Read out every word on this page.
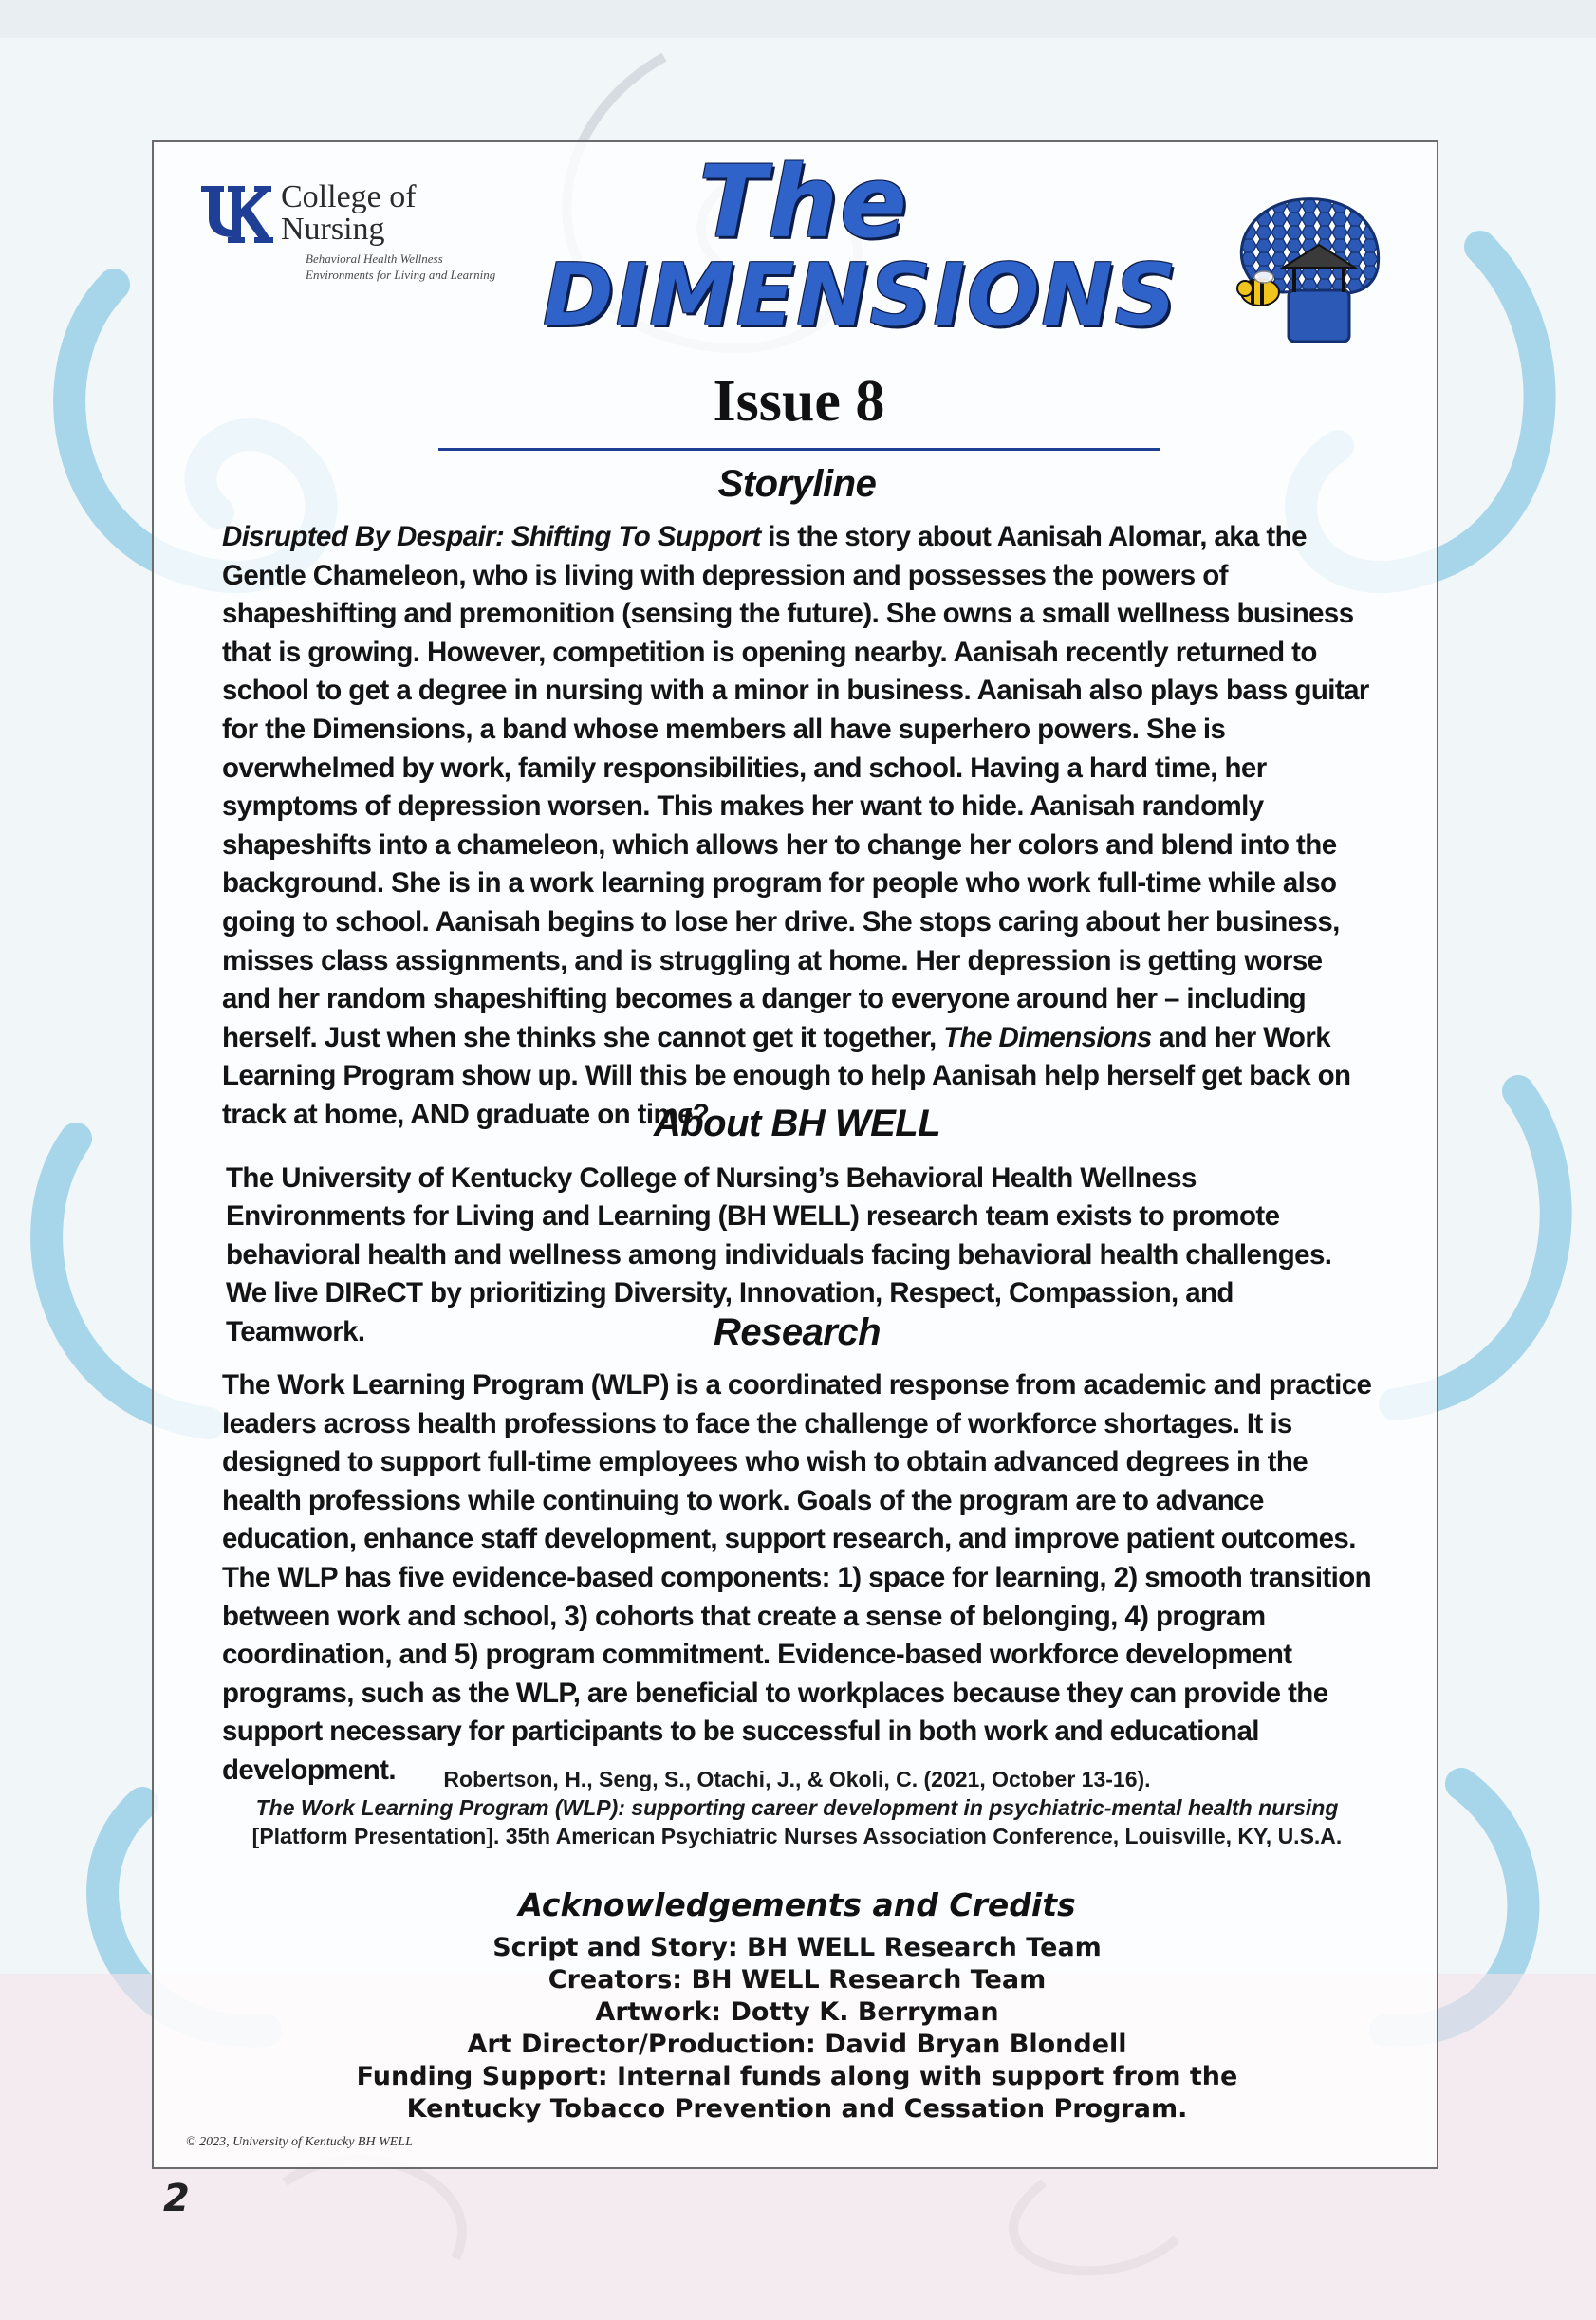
College of
Nursing
Behavioral Health Wellness
Environments for Living and Learning
The
DIMENSIONS
Issue 8
Storyline

Disrupted By Despair: Shifting To Support is the story about Aanisah Alomar, aka the Gentle Chameleon, who is living with depression and possesses the powers of shapeshifting and premonition (sensing the future). She owns a small wellness business that is growing. However, competition is opening nearby. Aanisah recently returned to school to get a degree in nursing with a minor in business. Aanisah also plays bass guitar for the Dimensions, a band whose members all have superhero powers. She is overwhelmed by work, family responsibilities, and school. Having a hard time, her symptoms of depression worsen. This makes her want to hide. Aanisah randomly shapeshifts into a chameleon, which allows her to change her colors and blend into the background. She is in a work learning program for people who work full-time while also going to school. Aanisah begins to lose her drive. She stops caring about her business, misses class assignments, and is struggling at home. Her depression is getting worse and her random shapeshifting becomes a danger to everyone around her – including herself. Just when she thinks she cannot get it together, The Dimensions and her Work Learning Program show up. Will this be enough to help Aanisah help herself get back on track at home, AND graduate on time?

About BH WELL

The University of Kentucky College of Nursing’s Behavioral Health Wellness Environments for Living and Learning (BH WELL) research team exists to promote behavioral health and wellness among individuals facing behavioral health challenges. We live DIReCT by prioritizing Diversity, Innovation, Respect, Compassion, and Teamwork.	Research

The Work Learning Program (WLP) is a coordinated response from academic and practice leaders across health professions to face the challenge of workforce shortages. It is designed to support full-time employees who wish to obtain advanced degrees in the health professions while continuing to work. Goals of the program are to advance education, enhance staff development, support research, and improve patient outcomes. The WLP has five evidence-based components: 1) space for learning, 2) smooth transition between work and school, 3) cohorts that create a sense of belonging, 4) program coordination, and 5) program commitment. Evidence-based workforce development programs, such as the WLP, are beneficial to workplaces because they can provide the support necessary for participants to be successful in both work and educational development.	Robertson, H., Seng, S., Otachi, J., & Okoli, C. (2021, October 13-16).

The Work Learning Program (WLP): supporting career development in psychiatric-mental health nursing [Platform Presentation]. 35th American Psychiatric Nurses Association Conference, Louisville, KY, U.S.A.

Acknowledgements and Credits

Script and Story: BH WELL Research Team

Creators: BH WELL Research Team

Artwork: Dotty K. Berryman

Art Director/Production: David Bryan Blondell

Funding Support: Internal funds along with support from the

Kentucky Tobacco Prevention and Cessation Program.

© 2023, University of Kentucky BH WELL
2
